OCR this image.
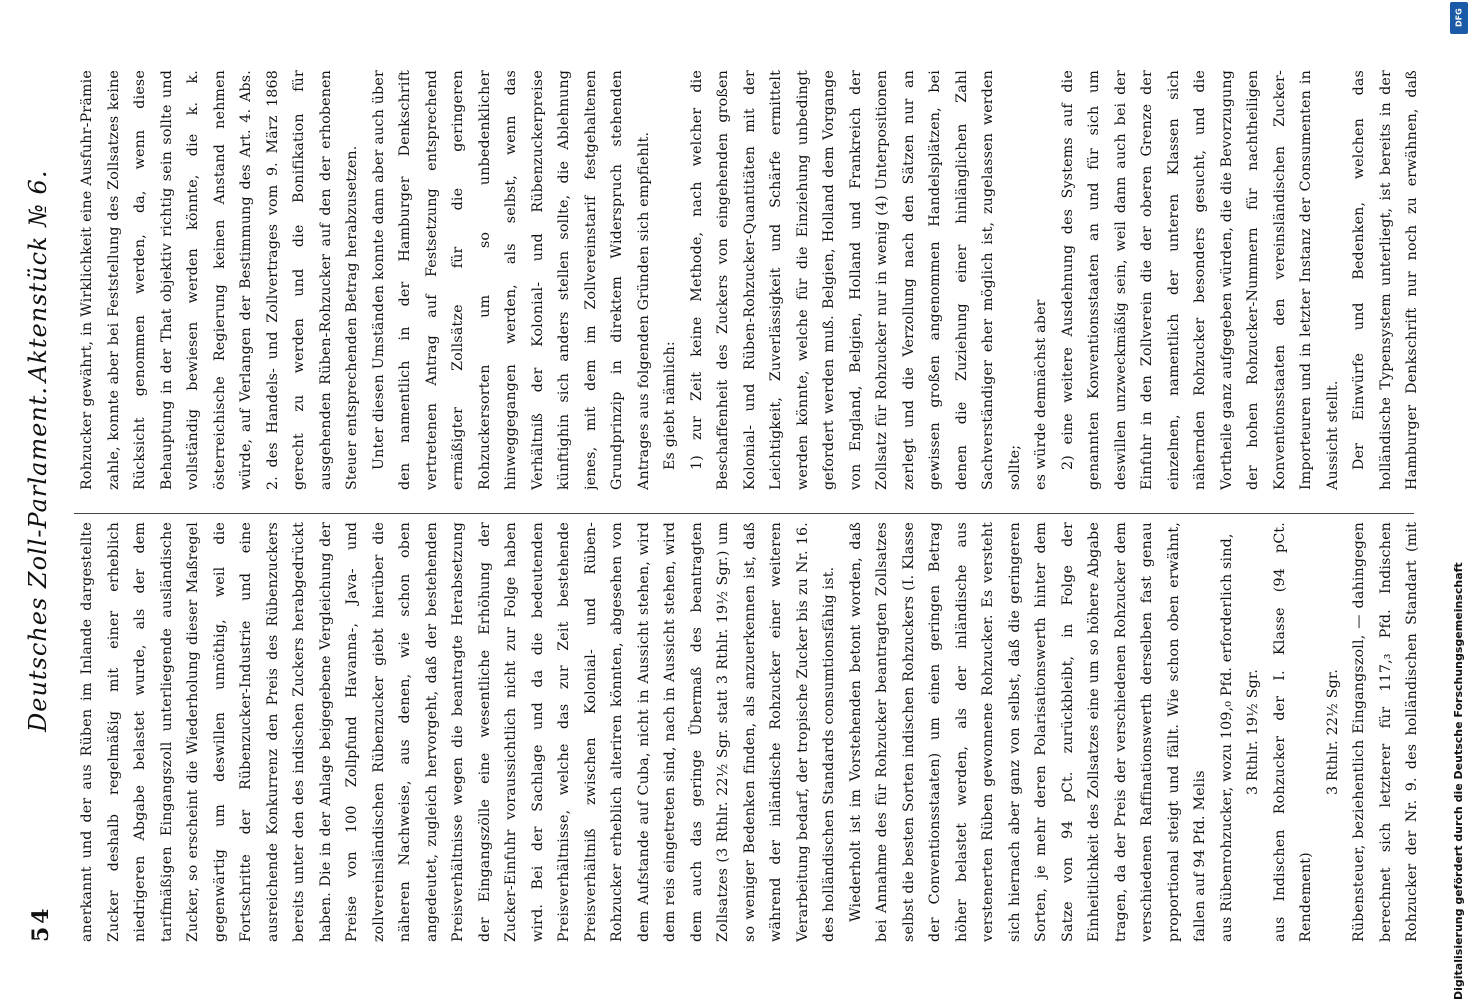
54
Deutsches Zoll-Parlament.
Aktenstück № 6.

anerkannt und der aus Rüben im Inlande dargestellte Zucker deshalb regelmäßig mit einer erheblich niedrigeren Abgabe belastet wurde, als der dem tarifmäßigen Eingangszoll unterliegende ausländische Zucker, so erscheint die Wiederholung dieser Maßregel gegenwärtig um deswillen unnöthig, weil die Fortschritte der Rübenzucker-Industrie und eine ausreichende Konkurrenz den Preis des Rübenzuckers bereits unter den des indischen Zuckers herabgedrückt haben. Die in der Anlage beigegebene Vergleichung der Preise von 100 Zollpfund Havanna-, Java- und zollvereinsländischen Rübenzucker giebt hierüber die näheren Nachweise, aus denen, wie schon oben angedeutet, zugleich hervorgeht, daß der bestehenden Preisverhältnisse wegen die beantragte Herabsetzung der Eingangszölle eine wesentliche Erhöhung der Zucker-Einfuhr voraussichtlich nicht zur Folge haben wird. Bei der Sachlage und da die bedeutenden Preisverhältnisse, welche das zur Zeit bestehende Preisverhältniß zwischen Kolonial- und Rüben-Rohzucker erheblich alteriren könnten, abgesehen von dem Aufstande auf Cuba, nicht in Aussicht stehen, wird dem reis eingetreten sind, nach in Aussicht stehen, wird dem auch das geringe Übermaß des beantragten Zollsatzes (3 Rthlr. 22½ Sgr. statt 3 Rthlr. 19½ Sgr.) um so weniger Bedenken finden, als anzuerkennen ist, daß während der inländische Rohzucker einer weiteren Verarbeitung bedarf, der tropische Zucker bis zu Nr. 16. des holländischen Standards consumtionsfähig ist. Wiederholt ist im Vorstehenden betont worden, daß bei Annahme des für Rohzucker beantragten Zollsatzes selbst die besten Sorten indischen Rohzuckers (I. Klasse der Conventionsstaaten) um einen geringen Betrag höher belastet werden, als der inländische aus verstenerten Rüben gewonnene Rohzucker. Es versteht sich hiernach aber ganz von selbst, daß die geringeren Sorten, je mehr deren Polarisationswerth hinter dem Satze von 94 pCt. zurückbleibt, in Folge der Einheitlichkeit des Zollsatzes eine um so höhere Abgabe tragen, da der Preis der verschiedenen Rohzucker dem verschiedenen Raffinationswerth derselben fast genau proportional steigt und fällt. Wie schon oben erwähnt, fallen auf 94 Pfd. Melis aus Rübenrohzucker, wozu 109,₀ Pfd. erforderlich sind, 3 Rthlr. 19½ Sgr. aus Indischen Rohzucker der I. Klasse (94 pCt. Rendement)

3 Rthlr. 22½ Sgr.

Rübensteuer, beziehentlich Eingangszoll, — dahingegen berechnet sich letzterer für 117,₃ Pfd. Indischen Rohzucker der Nr. 9. des holländischen Standart (mit

Rohzucker gewährt, in Wirklichkeit eine Ausfuhr-Prämie zahle, konnte aber bei Feststellung des Zollsatzes keine Rücksicht genommen werden, da, wenn diese Behauptung in der That objektiv richtig sein sollte und vollständig bewiesen werden könnte, die k. k. österreichische Regierung keinen Anstand nehmen würde, auf Verlangen der Bestimmung des Art. 4. Abs. 2. des Handels- und Zollvertrages vom 9. März 1868 gerecht zu werden und die Bonifikation für ausgehenden Rüben-Rohzucker auf den der erhobenen Steuer entsprechenden Betrag herabzusetzen. Unter diesen Umständen konnte dann aber auch über den namentlich in der Hamburger Denkschrift vertretenen Antrag auf Festsetzung entsprechend ermäßigter Zollsätze für die geringeren Rohzuckersorten um so unbedenklicher hinweggegangen werden, als selbst, wenn das Verhältniß der Kolonial- und Rübenzuckerpreise künftighin sich anders stellen sollte, die Ablehnung jenes, mit dem im Zollvereinstarif festgehaltenen Grundprinzip in direktem Widerspruch stehenden Antrages aus folgenden Gründen sich empfiehlt. Es giebt nämlich: 1) zur Zeit keine Methode, nach welcher die Beschaffenheit des Zuckers von eingehenden großen Kolonial- und Rüben-Rohzucker-Quantitäten mit der Leichtigkeit, Zuverlässigkeit und Schärfe ermittelt werden könnte, welche für die Einziehung unbedingt gefordert werden muß. Belgien, Holland dem Vorgange von England, Belgien, Holland und Frankreich der Zollsatz für Rohzucker nur in wenig (4) Unterpositionen zerlegt und die Verzollung nach den Sätzen nur an gewissen großen angenommen Handelsplätzen, bei denen die Zuziehung einer hinlänglichen Zahl Sachverständiger eher möglich ist, zugelassen werden sollte; es würde demnächst aber 2) eine weitere Ausdehnung des Systems auf die genannten Konventionsstaaten an und für sich um deswillen unzweckmäßig sein, weil dann auch bei der Einfuhr in den Zollverein die der oberen Grenze der einzelnen, namentlich der unteren Klassen sich nähernden Rohzucker besonders gesucht, und die Vortheile ganz aufgegeben würden, die die Bevorzugung der hohen Rohzucker-Nummern für nachtheiligen Konventionsstaaten den vereinsländischen Zucker-Importeuren und in letzter Instanz der Consumenten in Aussicht stellt. Der Einwürfe und Bedenken, welchen das holländische Typensystem unterliegt, ist bereits in der Hamburger Denkschrift nur noch zu erwähnen, daß

DFG
Digitalisierung gefördert durch die Deutsche Forschungsgemeinschaft
